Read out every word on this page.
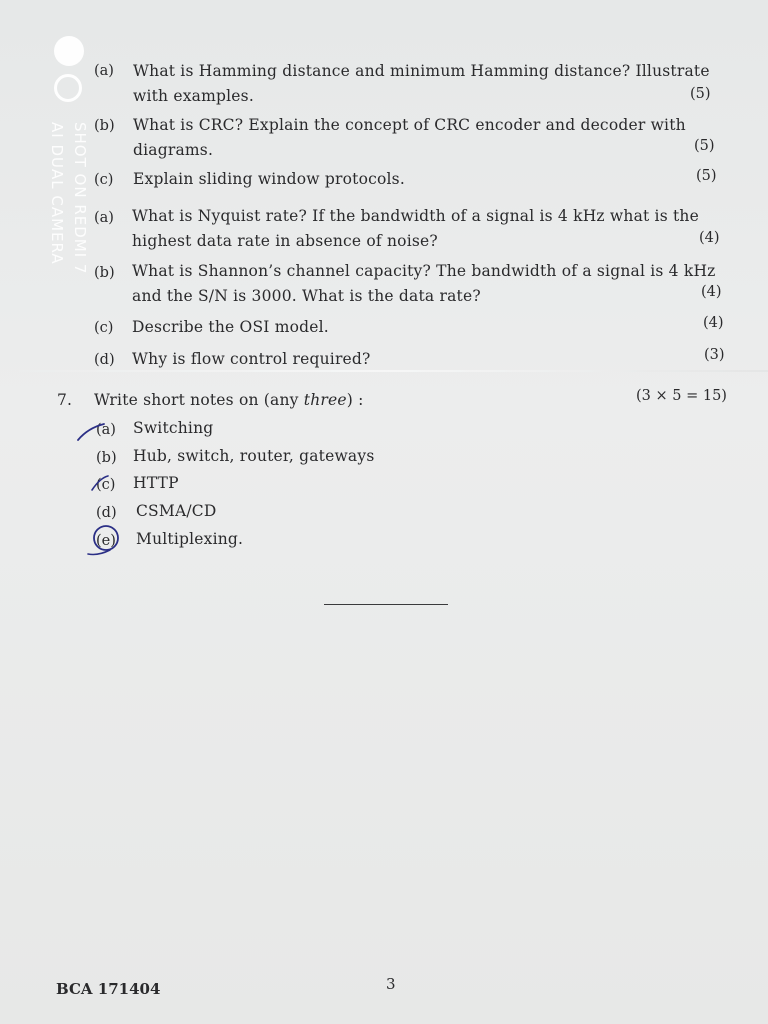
SHOT ON REDMI 7
AI DUAL CAMERA
(a) What is Hamming distance and minimum Hamming distance? Illustrate
with examples.	(5)
(b) What is CRC? Explain the concept of CRC encoder and decoder with
diagrams.	(5)
(c) Explain sliding window protocols.	(5)
(a) What is Nyquist rate? If the bandwidth of a signal is 4 kHz what is the
highest data rate in absence of noise?	(4)
(b) What is Shannon’s channel capacity? The bandwidth of a signal is 4 kHz
and the S/N is 3000. What is the data rate?	(4)
(c) Describe the OSI model.	(4)
(d) Why is flow control required?	(3)
7. Write short notes on (any three) :	(3 × 5 = 15)
(a) Switching
(b) Hub, switch, router, gateways
(c) HTTP
(d) CSMA/CD
(e) Multiplexing.
BCA 171404	3
